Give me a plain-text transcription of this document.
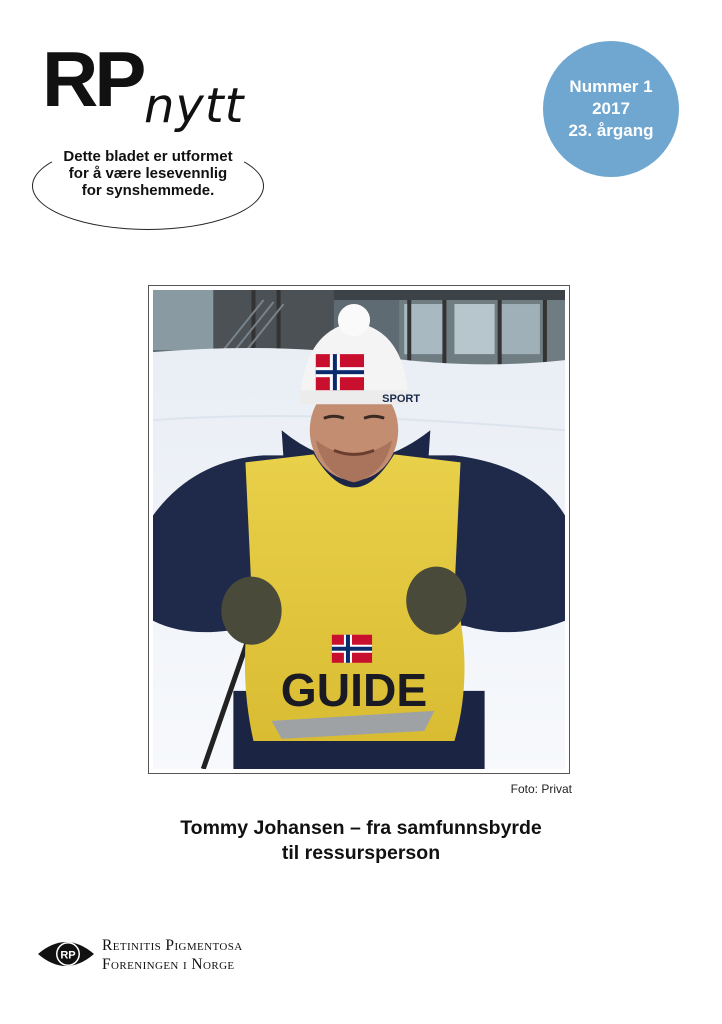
RP nytt
Dette bladet er utformet
for å være lesevennlig
for synshemmede.
Nummer 1
2017
23. årgang
SPORT
GUIDE
Foto: Privat
Tommy Johansen – fra samfunnsbyrde
til ressursperson
RP
Retinitis Pigmentosa
Foreningen i Norge
